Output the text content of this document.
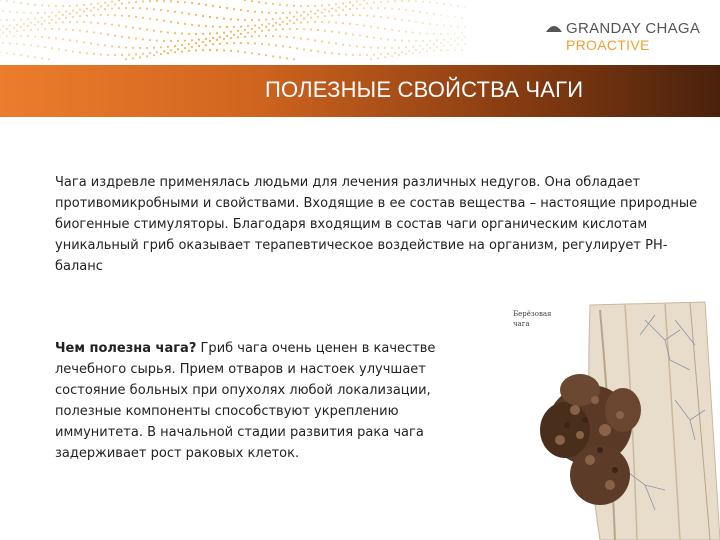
GRANDAY CHAGA
PROACTIVE
ПОЛЕЗНЫЕ СВОЙСТВА ЧАГИ

Чага издревле применялась людьми для лечения различных недугов. Она обладает противомикробными и свойствами. Входящие в ее состав вещества – настоящие природные биогенные стимуляторы. Благодаря входящим в состав чаги органическим кислотам уникальный гриб оказывает терапевтическое воздействие на организм, регулирует РН-баланс

Чем полезна чага? Гриб чага очень ценен в качестве лечебного сырья. Прием отваров и настоек улучшает состояние больных при опухолях любой локализации, полезные компоненты способствуют укреплению иммунитета. В начальной стадии развития рака чага задерживает рост раковых клеток.

Берёзовая
чага
